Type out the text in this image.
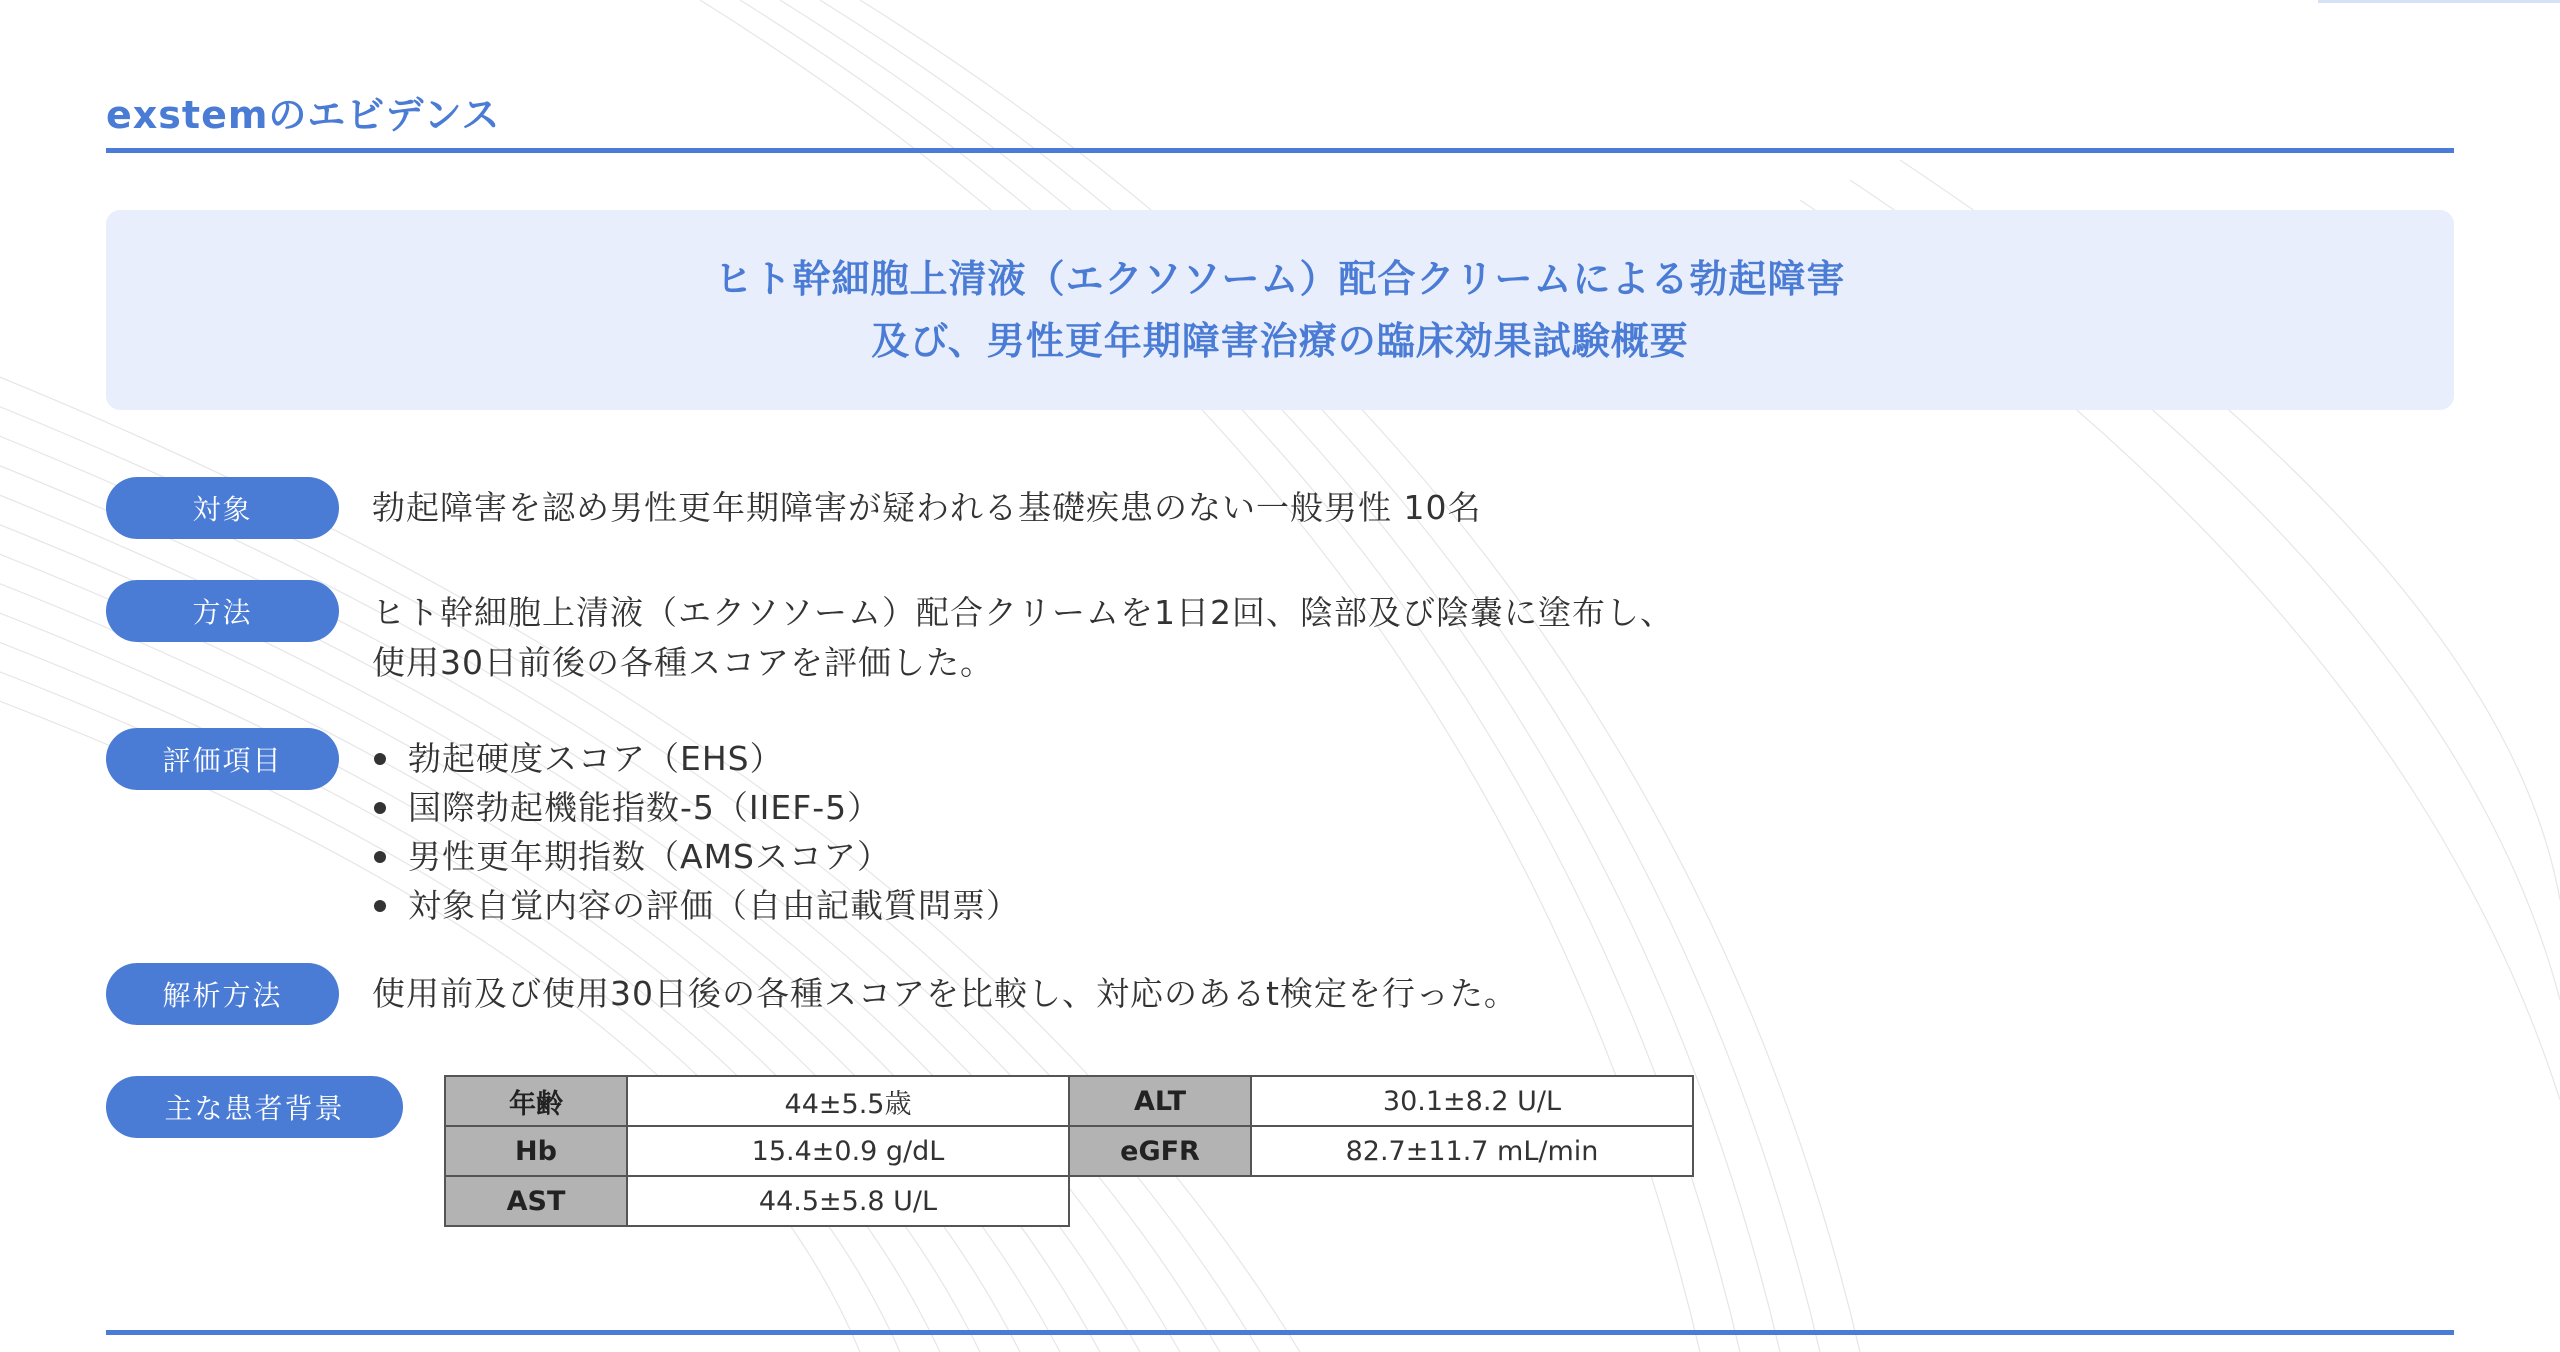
exstemのエビデンス
ヒト幹細胞上清液（エクソソーム）配合クリームによる勃起障害
及び、男性更年期障害治療の臨床効果試験概要
対象	勃起障害を認め男性更年期障害が疑われる基礎疾患のない一般男性 10名
方法	ヒト幹細胞上清液（エクソソーム）配合クリームを1日2回、陰部及び陰嚢に塗布し、
使用30日前後の各種スコアを評価した。
評価項目	勃起硬度スコア（EHS）
国際勃起機能指数-5（IIEF-5）
男性更年期指数（AMSスコア）
対象自覚内容の評価（自由記載質問票）
解析方法	使用前及び使用30日後の各種スコアを比較し、対応のあるt検定を行った。
主な患者背景	年齢	44±5.5歳	ALT	30.1±8.2 U/L
Hb	15.4±0.9 g/dL	eGFR	82.7±11.7 mL/min
AST	44.5±5.8 U/L		
